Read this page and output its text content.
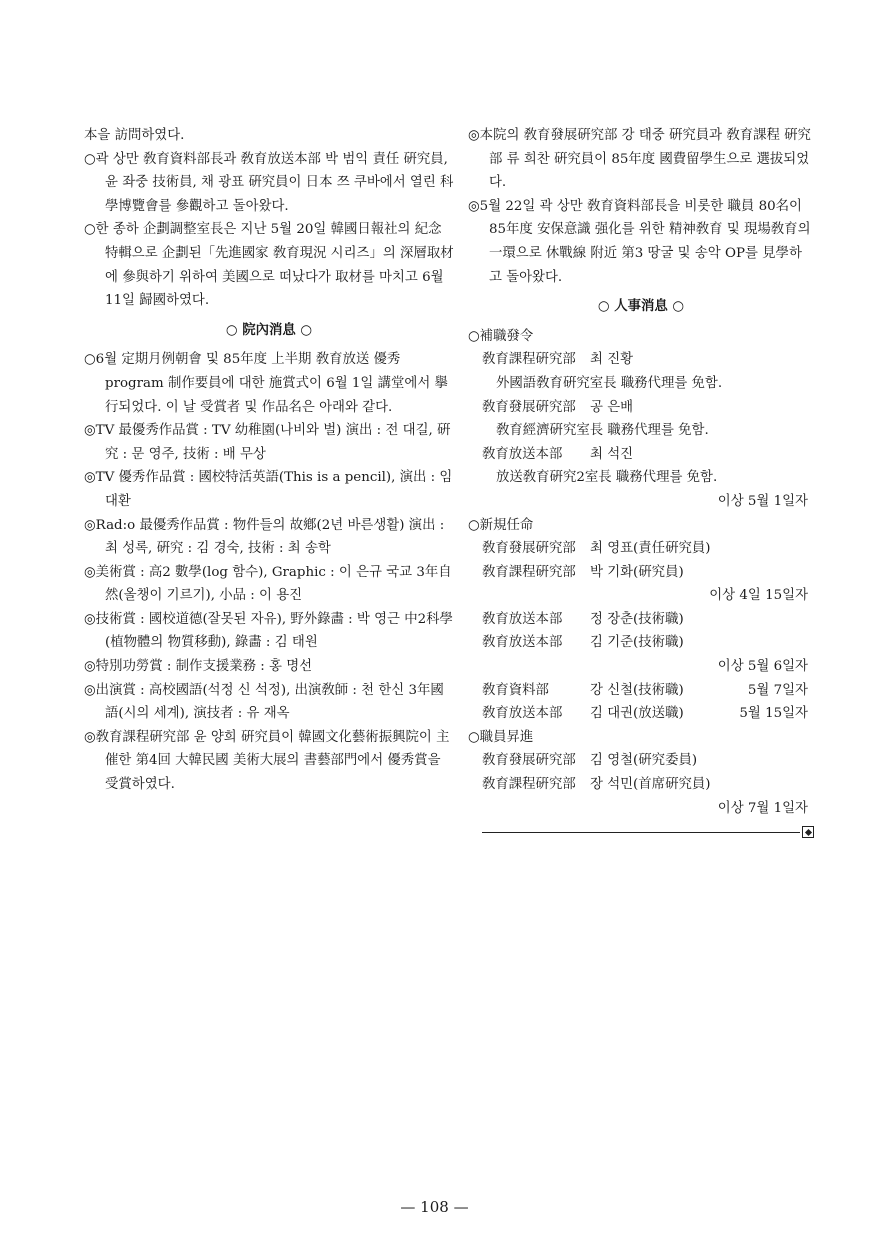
本을 訪問하였다.

○곽 상만 敎育資料部長과 敎育放送本部 박 범익 責任 硏究員, 윤 좌중 技術員, 채 광표 硏究員이 日本 쯔 쿠바에서 열린 科學博覽會를 參觀하고 돌아왔다.

○한 종하 企劃調整室長은 지난 5월 20일 韓國日報社의 紀念特輯으로 企劃된「先進國家 敎育現況 시리즈」의 深層取材에 參與하기 위하여 美國으로 떠났다가 取材를 마치고 6월 11일 歸國하였다.

○ 院內消息 ○

○6월 定期月例朝會 및 85年度 上半期 敎育放送 優秀 program 制作要員에 대한 施賞式이 6월 1일 講堂에서 擧行되었다. 이 날 受賞者 및 作品名은 아래와 같다.

◎TV 最優秀作品賞 : TV 幼稚園(나비와 벌) 演出 : 전 대길, 硏究 : 문 영주, 技術 : 배 무상

◎TV 優秀作品賞 : 國校特活英語(This is a pencil), 演出 : 임 대환

◎Rad:o 最優秀作品賞 : 物件들의 故鄕(2년 바른생활) 演出 : 최 성록, 硏究 : 김 경숙, 技術 : 최 송학

◎美術賞 : 高2 數學(log 함수), Graphic : 이 은규 국교 3年自然(올챙이 기르기), 小品 : 이 용진

◎技術賞 : 國校道德(잘못된 자유), 野外錄畵 : 박 영근 中2科學(植物體의 物質移動), 錄畵 : 김 태원

◎特別功勞賞 : 制作支援業務 : 홍 명선

◎出演賞 : 高校國語(석정 신 석정), 出演敎師 : 천 한신 3年國語(시의 세계), 演技者 : 유 재옥

◎敎育課程硏究部 윤 양희 硏究員이 韓國文化藝術振興院이 主催한 第4回 大韓民國 美術大展의 書藝部門에서 優秀賞을 受賞하였다.

◎本院의 敎育發展硏究部 강 태중 硏究員과 敎育課程 硏究部 류 희찬 硏究員이 85年度 國費留學生으로 選拔되었다.

◎5월 22일 곽 상만 敎育資料部長을 비롯한 職員 80名이 85年度 安保意識 强化를 위한 精神敎育 및 現場敎育의 一環으로 休戰線 附近 第3 땅굴 및 송악 OP를 見學하고 돌아왔다.

○ 人事消息 ○

○補職發令

敎育課程硏究部	최 진황

外國語敎育硏究室長 職務代理를 免함.

敎育發展硏究部	공 은배

敎育經濟硏究室長 職務代理를 免함.

敎育放送本部	최 석진

放送敎育硏究2室長 職務代理를 免함.

이상 5월 1일자

○新規任命

敎育發展硏究部	최 영표(責任硏究員)
敎育課程硏究部	박 기화(硏究員)

이상 4일 15일자

敎育放送本部	정 장춘(技術職)
敎育放送本部	김 기준(技術職)

이상 5월 6일자

敎育資料部	강 신철(技術職)	5월 7일자
敎育放送本部	김 대권(放送職)	5월 15일자

○職員昇進

敎育發展硏究部	김 영철(硏究委員)
敎育課程硏究部	장 석민(首席硏究員)

이상 7월 1일자

— 108 —
